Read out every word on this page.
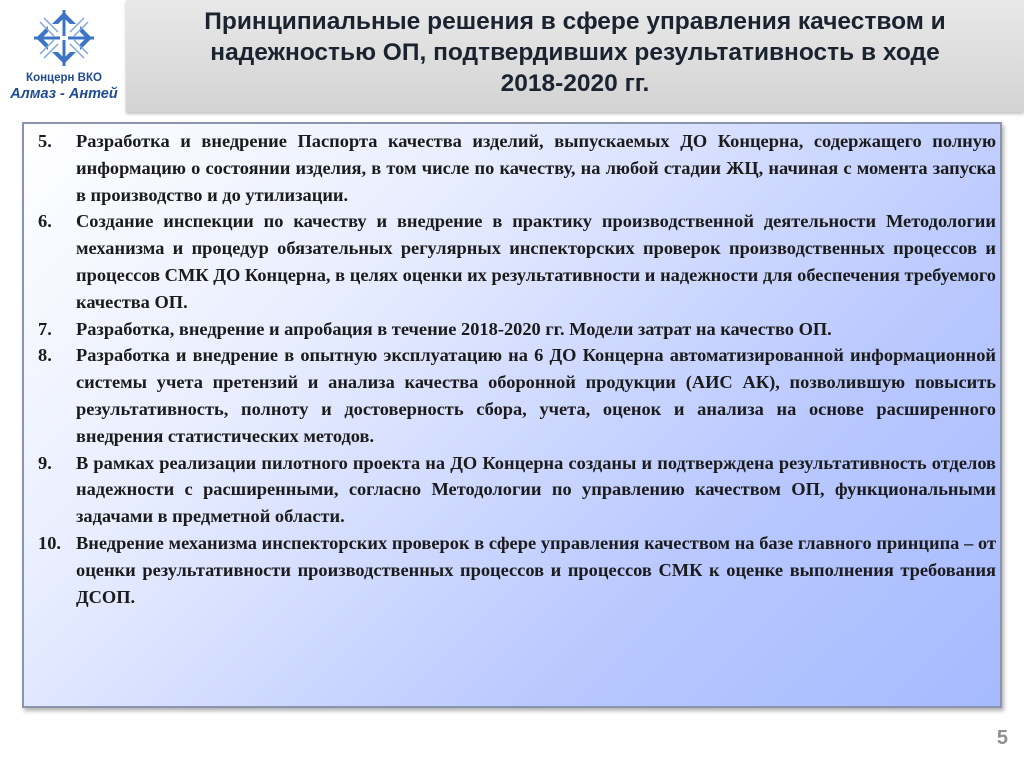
Концерн ВКО
Алмаз - Антей
Принципиальные решения в сфере управления качеством и
надежностью ОП, подтвердивших результативность в ходе
2018-2020 гг.
5. Разработка и внедрение Паспорта качества изделий, выпускаемых ДО Концерна, содержащего полную информацию о состоянии изделия, в том числе по качеству, на любой стадии ЖЦ, начиная с момента запуска в производство и до утилизации.
6. Создание инспекции по качеству и внедрение в практику производственной деятельности Методологии механизма и процедур обязательных регулярных инспекторских проверок производственных процессов и процессов СМК ДО Концерна, в целях оценки их результативности и надежности для обеспечения требуемого качества ОП.
7. Разработка, внедрение и апробация в течение 2018-2020 гг. Модели затрат на качество ОП.
8. Разработка и внедрение в опытную эксплуатацию на 6 ДО Концерна автоматизированной информационной системы учета претензий и анализа качества оборонной продукции (АИС АК), позволившую повысить результативность, полноту и достоверность сбора, учета, оценок и анализа на основе расширенного внедрения статистических методов.
9. В рамках реализации пилотного проекта на ДО Концерна созданы и подтверждена результативность отделов надежности с расширенными, согласно Методологии по управлению качеством ОП, функциональными задачами в предметной области.
10. Внедрение механизма инспекторских проверок в сфере управления качеством на базе главного принципа – от оценки результативности производственных процессов и процессов СМК к оценке выполнения требования ДСОП.
5
